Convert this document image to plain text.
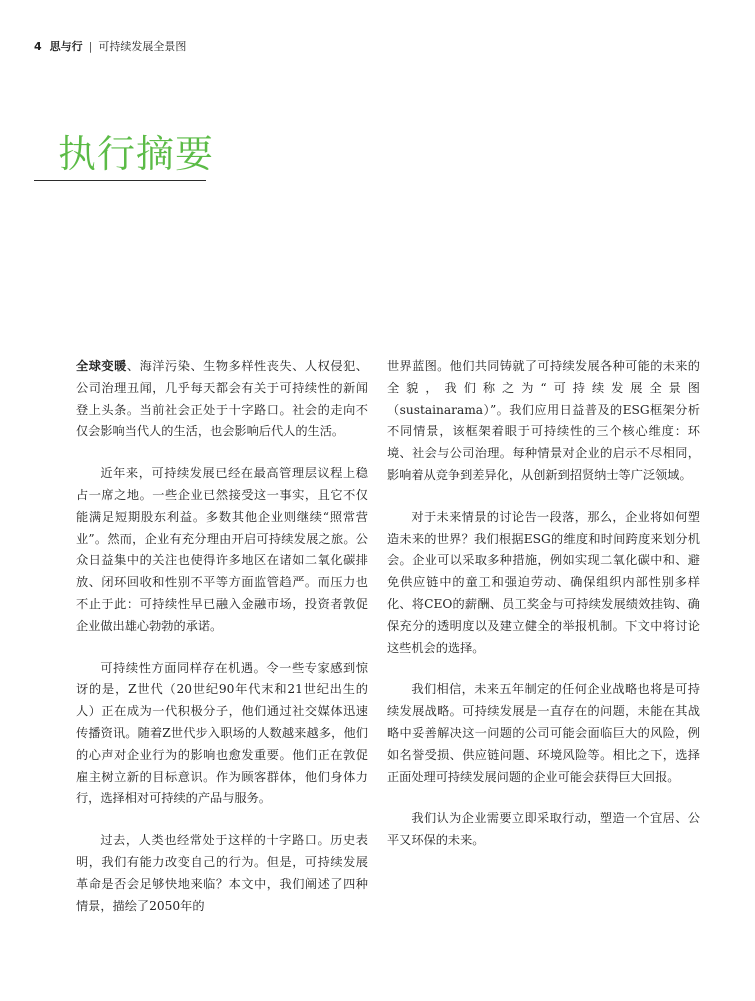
4 思与行 | 可持续发展全景图
执行摘要

全球变暖、海洋污染、生物多样性丧失、人权侵犯、公司治理丑闻，几乎每天都会有关于可持续性的新闻登上头条。当前社会正处于十字路口。社会的走向不仅会影响当代人的生活，也会影响后代人的生活。

近年来，可持续发展已经在最高管理层议程上稳占一席之地。一些企业已然接受这一事实，且它不仅能满足短期股东利益。多数其他企业则继续“照常营业”。然而，企业有充分理由开启可持续发展之旅。公众日益集中的关注也使得许多地区在诸如二氧化碳排放、闭环回收和性别不平等方面监管趋严。而压力也不止于此：可持续性早已融入金融市场，投资者敦促企业做出雄心勃勃的承诺。

可持续性方面同样存在机遇。令一些专家感到惊讶的是，Z世代（20世纪90年代末和21世纪出生的人）正在成为一代积极分子，他们通过社交媒体迅速传播资讯。随着Z世代步入职场的人数越来越多，他们的心声对企业行为的影响也愈发重要。他们正在敦促雇主树立新的目标意识。作为顾客群体，他们身体力行，选择相对可持续的产品与服务。

过去，人类也经常处于这样的十字路口。历史表明，我们有能力改变自己的行为。但是，可持续发展革命是否会足够快地来临？本文中，我们阐述了四种情景，描绘了2050年的

世界蓝图。他们共同铸就了可持续发展各种可能的未来的全貌，我们称之为“可持续发展全景图（sustainarama）”。我们应用日益普及的ESG框架分析不同情景，该框架着眼于可持续性的三个核心维度：环境、社会与公司治理。每种情景对企业的启示不尽相同，影响着从竞争到差异化，从创新到招贤纳士等广泛领域。

对于未来情景的讨论告一段落，那么，企业将如何塑造未来的世界？我们根据ESG的维度和时间跨度来划分机会。企业可以采取多种措施，例如实现二氧化碳中和、避免供应链中的童工和强迫劳动、确保组织内部性别多样化、将CEO的薪酬、员工奖金与可持续发展绩效挂钩、确保充分的透明度以及建立健全的举报机制。下文中将讨论这些机会的选择。

我们相信，未来五年制定的任何企业战略也将是可持续发展战略。可持续发展是一直存在的问题，未能在其战略中妥善解决这一问题的公司可能会面临巨大的风险，例如名誉受损、供应链问题、环境风险等。相比之下，选择正面处理可持续发展问题的企业可能会获得巨大回报。

我们认为企业需要立即采取行动，塑造一个宜居、公平又环保的未来。
